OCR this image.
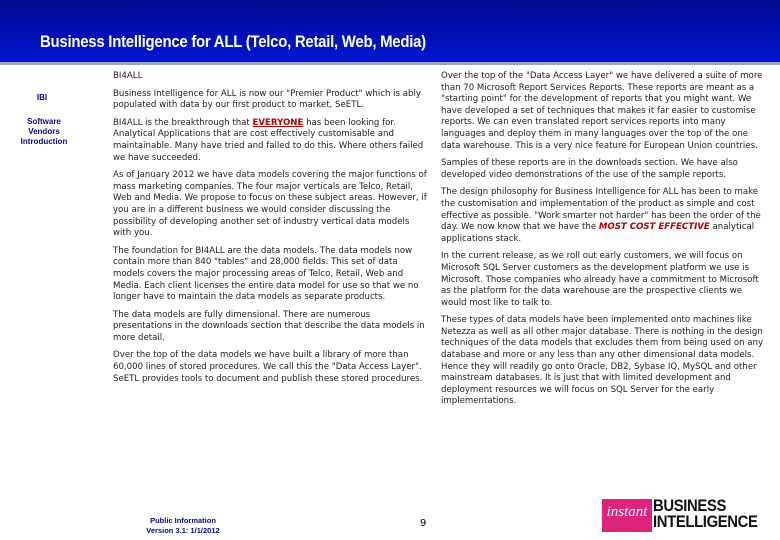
Business Intelligence for ALL (Telco, Retail, Web, Media)
IBI
Software
Vendors
Introduction

BI4ALL

Business Intelligence for ALL is now our "Premier Product" which is ably populated with data by our first product to market, SeETL.

BI4ALL is the breakthrough that EVERYONE has been looking for. Analytical Applications that are cost effectively customisable and maintainable. Many have tried and failed to do this. Where others failed we have succeeded.

As of January 2012 we have data models covering the major functions of mass marketing companies. The four major verticals are Telco, Retail, Web and Media. We propose to focus on these subject areas. However, if you are in a different business we would consider discussing the possibility of developing another set of industry vertical data models with you.

The foundation for BI4ALL are the data models. The data models now contain more than 840 "tables" and 28,000 fields. This set of data models covers the major processing areas of Telco, Retail, Web and Media. Each client licenses the entire data model for use so that we no longer have to maintain the data models as separate products.

The data models are fully dimensional. There are numerous presentations in the downloads section that describe the data models in more detail.

Over the top of the data models we have built a library of more than 60,000 lines of stored procedures. We call this the "Data Access Layer". SeETL provides tools to document and publish these stored procedures.

Over the top of the "Data Access Layer" we have delivered a suite of more than 70 Microsoft Report Services Reports. These reports are meant as a "starting point" for the development of reports that you might want. We have developed a set of techniques that makes it far easier to customise reports. We can even translated report services reports into many languages and deploy them in many languages over the top of the one data warehouse. This is a very nice feature for European Union countries.

Samples of these reports are in the downloads section. We have also developed video demonstrations of the use of the sample reports.

The design philosophy for Business Intelligence for ALL has been to make the customisation and implementation of the product as simple and cost effective as possible. "Work smarter not harder" has been the order of the day. We now know that we have the MOST COST EFFECTIVE analytical applications stack.

In the current release, as we roll out early customers, we will focus on Microsoft SQL Server customers as the development platform we use is Microsoft. Those companies who already have a commitment to Microsoft as the platform for the data warehouse are the prospective clients we would most like to talk to.

These types of data models have been implemented onto machines like Netezza as well as all other major database. There is nothing in the design techniques of the data models that excludes them from being used on any database and more or any less than any other dimensional data models. Hence they will readily go onto Oracle, DB2, Sybase IQ, MySQL and other mainstream databases. It is just that with limited development and deployment resources we will focus on SQL Server for the early implementations.

Public Information
Version 3.1: 1/1/2012
9
instant BUSINESS
INTELLIGENCE
